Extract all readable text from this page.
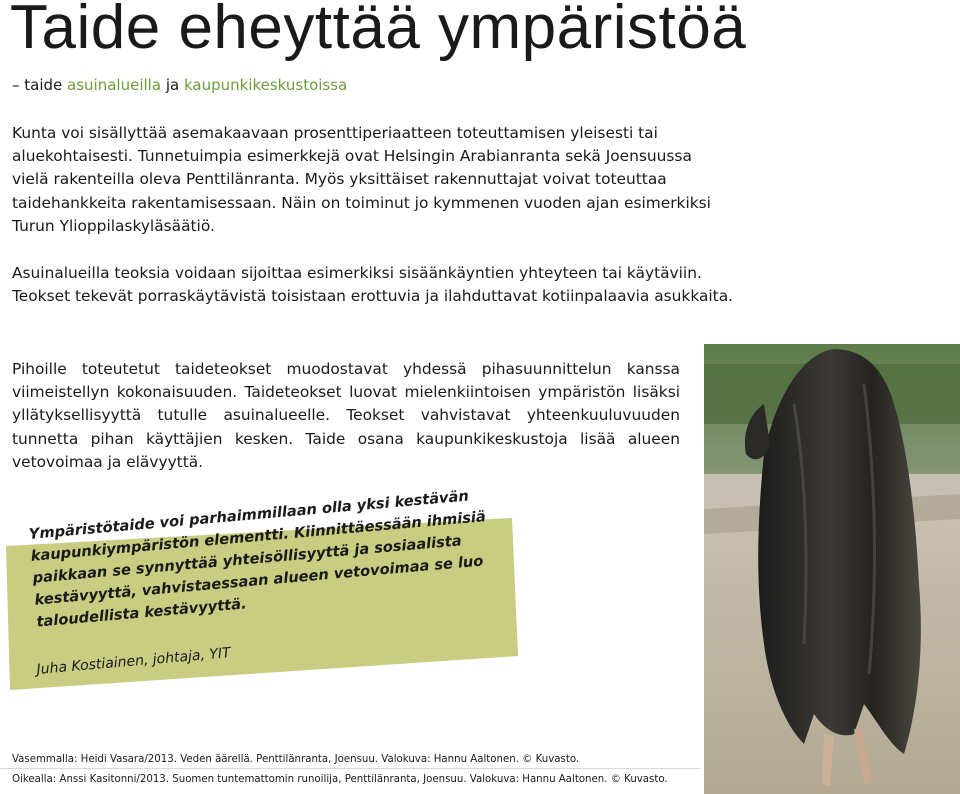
Taide eheyttää ympäristöä
– taide asuinalueilla ja kaupunkikeskustoissa

Kunta voi sisällyttää asemakaavaan prosenttiperiaatteen toteuttamisen yleisesti tai aluekohtaisesti. Tunnetuimpia esimerkkejä ovat Helsingin Arabianranta sekä Joensuussa vielä rakenteilla oleva Penttilänranta. Myös yksittäiset rakennuttajat voivat toteuttaa taidehankkeita rakentamisessaan. Näin on toiminut jo kymmenen vuoden ajan esimerkiksi Turun Ylioppilaskyläsäätiö.

Asuinalueilla teoksia voidaan sijoittaa esimerkiksi sisäänkäyntien yhteyteen tai käytäviin. Teokset tekevät porraskäytävistä toisistaan erottuvia ja ilahduttavat kotiinpalaavia asukkaita.

Pihoille toteutetut taideteokset muodostavat yhdessä pihasuunnittelun kanssa viimeistellyn kokonaisuuden. Taideteokset luovat mielenkiintoisen ympäristön lisäksi yllätyksellisyyttä tutulle asuinalueelle. Teokset vahvistavat yhteenkuuluvuuden tunnetta pihan käyttäjien kesken. Taide osana kaupunkikeskustoja lisää alueen vetovoimaa ja elävyyttä.

Ympäristötaide voi parhaimmillaan olla yksi kestävän kaupunkiympäristön elementti. Kiinnittäessään ihmisiä paikkaan se synnyttää yhteisöllisyyttä ja sosiaalista kestävyyttä, vahvistaessaan alueen vetovoimaa se luo taloudellista kestävyyttä.
Juha Kostiainen, johtaja, YIT
Vasemmalla: Heidi Vasara/2013. Veden äärellä. Penttilänranta, Joensuu. Valokuva: Hannu Aaltonen. © Kuvasto.
Oikealla: Anssi Kasitonni/2013. Suomen tuntemattomin runoilija, Penttilänranta, Joensuu. Valokuva: Hannu Aaltonen. © Kuvasto.
